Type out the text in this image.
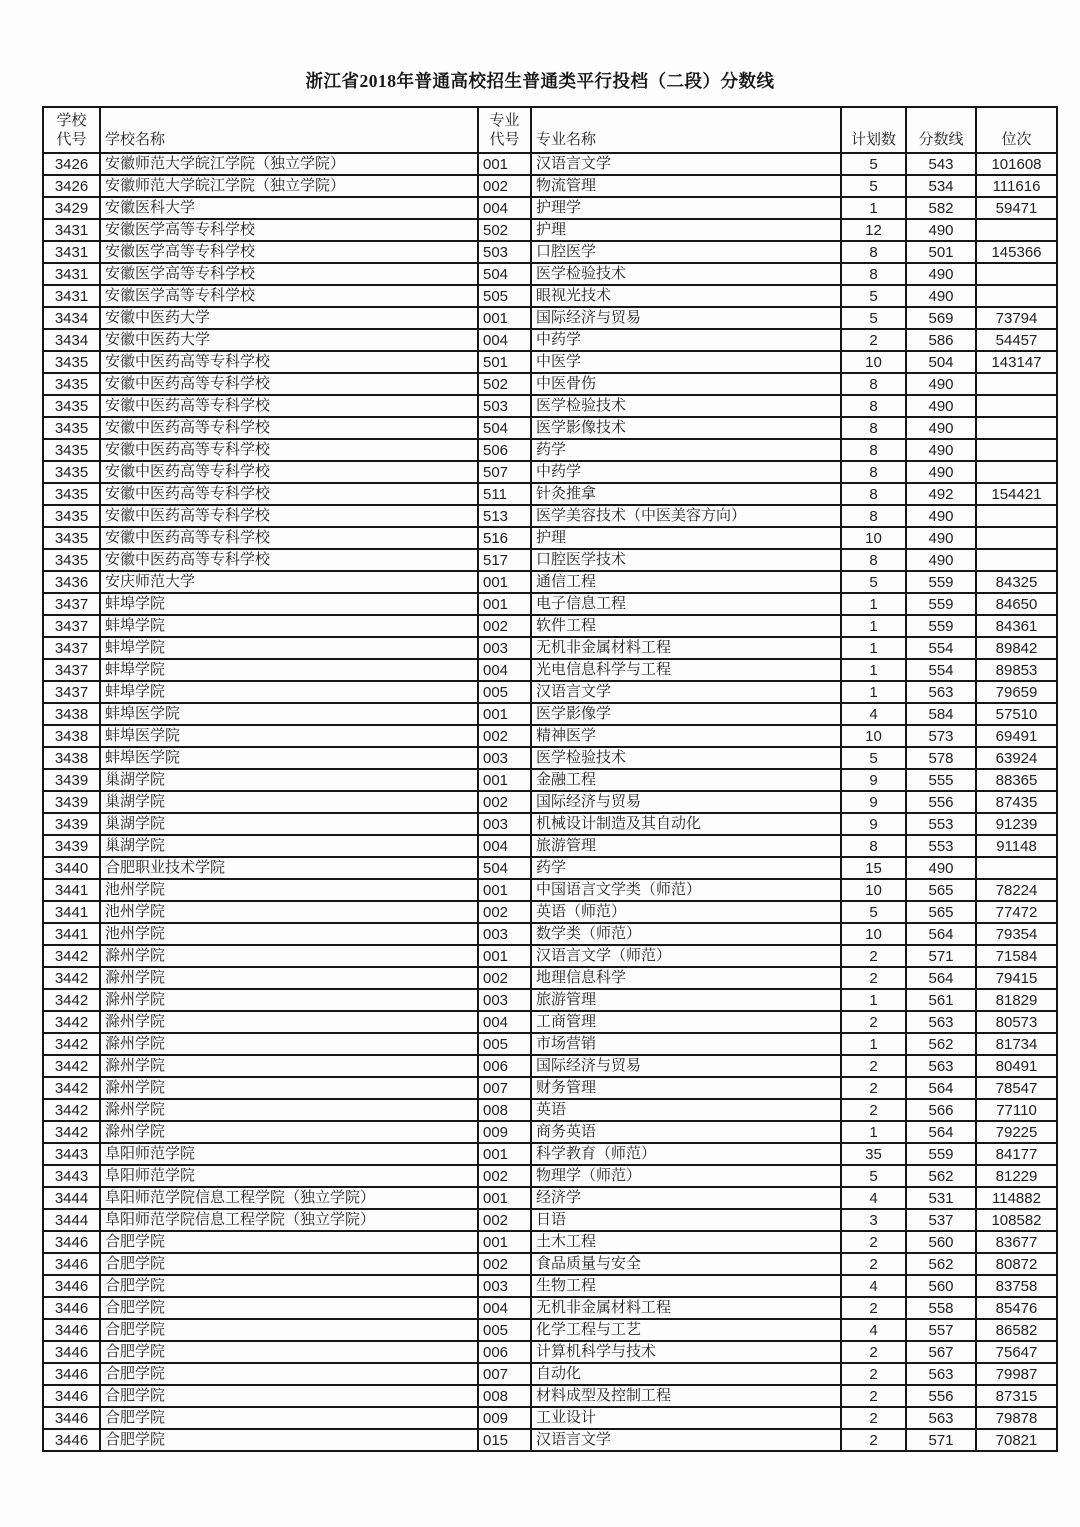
浙江省2018年普通高校招生普通类平行投档（二段）分数线
学校
代号	学校名称	专业
代号	专业名称	计划数	分数线	位次
3426	安徽师范大学皖江学院（独立学院）	001	汉语言文学	5	543	101608
3426	安徽师范大学皖江学院（独立学院）	002	物流管理	5	534	111616
3429	安徽医科大学	004	护理学	1	582	59471
3431	安徽医学高等专科学校	502	护理	12	490	
3431	安徽医学高等专科学校	503	口腔医学	8	501	145366
3431	安徽医学高等专科学校	504	医学检验技术	8	490	
3431	安徽医学高等专科学校	505	眼视光技术	5	490	
3434	安徽中医药大学	001	国际经济与贸易	5	569	73794
3434	安徽中医药大学	004	中药学	2	586	54457
3435	安徽中医药高等专科学校	501	中医学	10	504	143147
3435	安徽中医药高等专科学校	502	中医骨伤	8	490	
3435	安徽中医药高等专科学校	503	医学检验技术	8	490	
3435	安徽中医药高等专科学校	504	医学影像技术	8	490	
3435	安徽中医药高等专科学校	506	药学	8	490	
3435	安徽中医药高等专科学校	507	中药学	8	490	
3435	安徽中医药高等专科学校	511	针灸推拿	8	492	154421
3435	安徽中医药高等专科学校	513	医学美容技术（中医美容方向）	8	490	
3435	安徽中医药高等专科学校	516	护理	10	490	
3435	安徽中医药高等专科学校	517	口腔医学技术	8	490	
3436	安庆师范大学	001	通信工程	5	559	84325
3437	蚌埠学院	001	电子信息工程	1	559	84650
3437	蚌埠学院	002	软件工程	1	559	84361
3437	蚌埠学院	003	无机非金属材料工程	1	554	89842
3437	蚌埠学院	004	光电信息科学与工程	1	554	89853
3437	蚌埠学院	005	汉语言文学	1	563	79659
3438	蚌埠医学院	001	医学影像学	4	584	57510
3438	蚌埠医学院	002	精神医学	10	573	69491
3438	蚌埠医学院	003	医学检验技术	5	578	63924
3439	巢湖学院	001	金融工程	9	555	88365
3439	巢湖学院	002	国际经济与贸易	9	556	87435
3439	巢湖学院	003	机械设计制造及其自动化	9	553	91239
3439	巢湖学院	004	旅游管理	8	553	91148
3440	合肥职业技术学院	504	药学	15	490	
3441	池州学院	001	中国语言文学类（师范）	10	565	78224
3441	池州学院	002	英语（师范）	5	565	77472
3441	池州学院	003	数学类（师范）	10	564	79354
3442	滁州学院	001	汉语言文学（师范）	2	571	71584
3442	滁州学院	002	地理信息科学	2	564	79415
3442	滁州学院	003	旅游管理	1	561	81829
3442	滁州学院	004	工商管理	2	563	80573
3442	滁州学院	005	市场营销	1	562	81734
3442	滁州学院	006	国际经济与贸易	2	563	80491
3442	滁州学院	007	财务管理	2	564	78547
3442	滁州学院	008	英语	2	566	77110
3442	滁州学院	009	商务英语	1	564	79225
3443	阜阳师范学院	001	科学教育（师范）	35	559	84177
3443	阜阳师范学院	002	物理学（师范）	5	562	81229
3444	阜阳师范学院信息工程学院（独立学院）	001	经济学	4	531	114882
3444	阜阳师范学院信息工程学院（独立学院）	002	日语	3	537	108582
3446	合肥学院	001	土木工程	2	560	83677
3446	合肥学院	002	食品质量与安全	2	562	80872
3446	合肥学院	003	生物工程	4	560	83758
3446	合肥学院	004	无机非金属材料工程	2	558	85476
3446	合肥学院	005	化学工程与工艺	4	557	86582
3446	合肥学院	006	计算机科学与技术	2	567	75647
3446	合肥学院	007	自动化	2	563	79987
3446	合肥学院	008	材料成型及控制工程	2	556	87315
3446	合肥学院	009	工业设计	2	563	79878
3446	合肥学院	015	汉语言文学	2	571	70821
